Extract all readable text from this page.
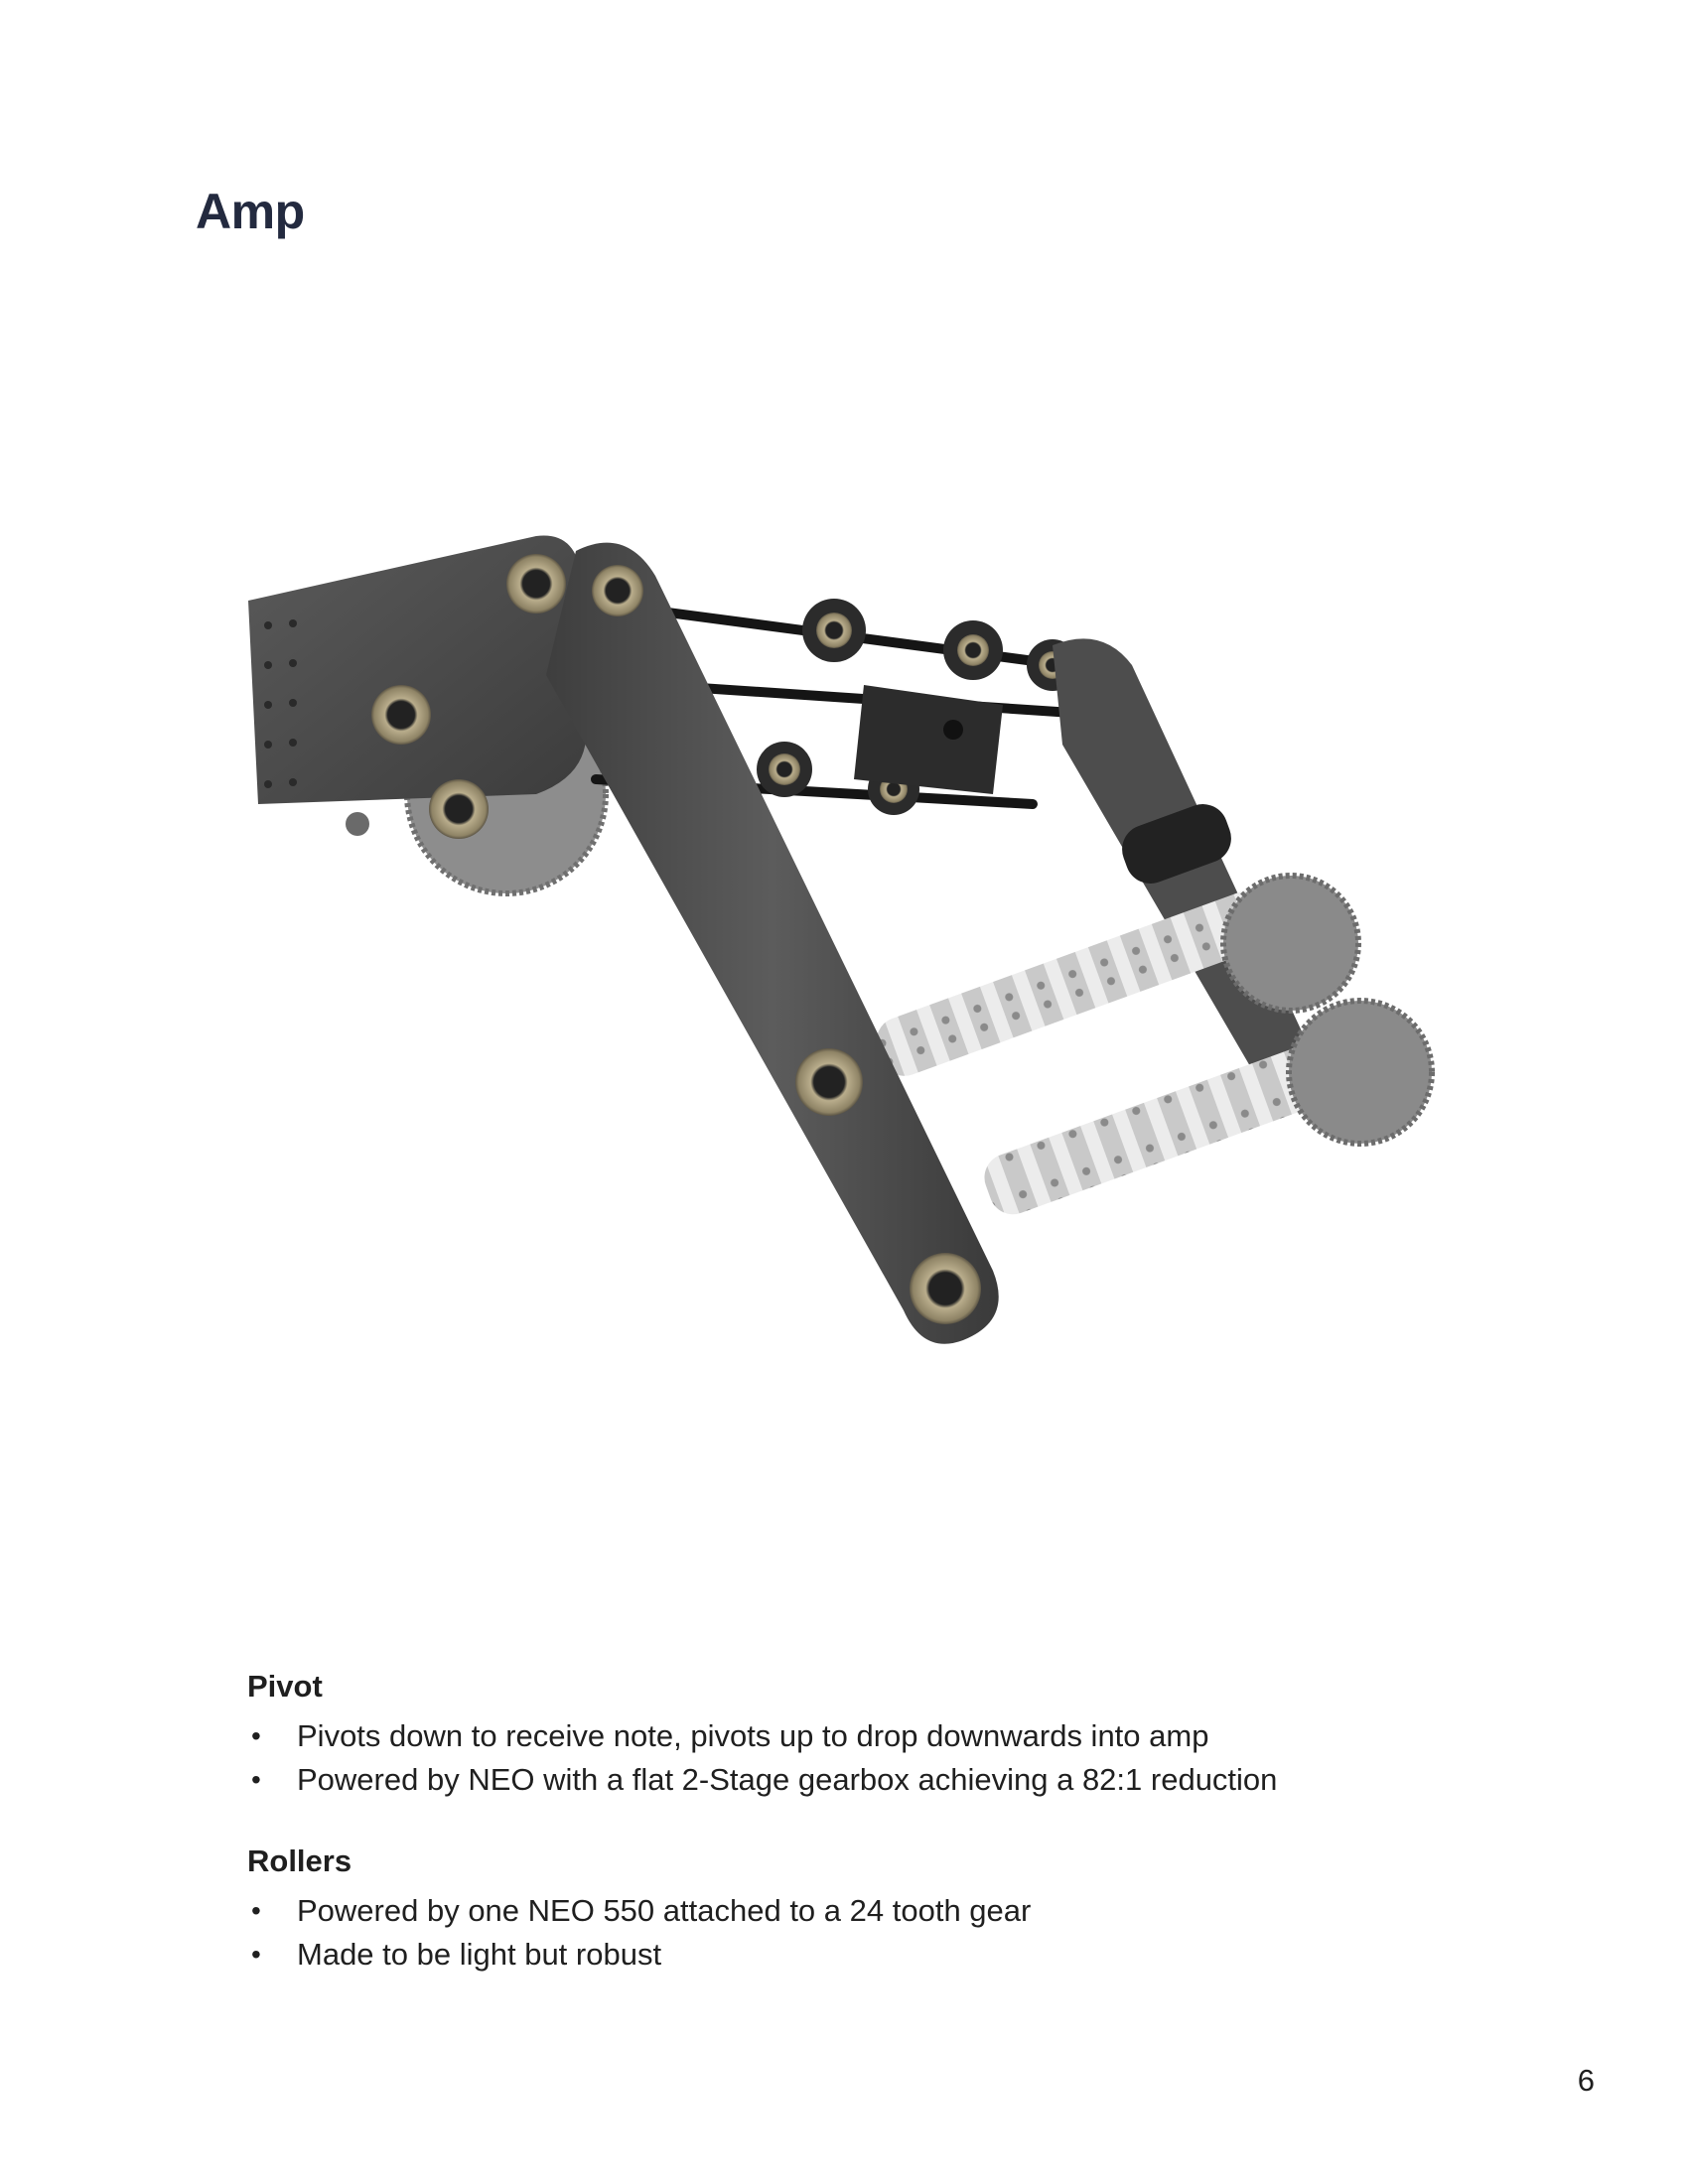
Amp
Pivot
• Pivots down to receive note, pivots up to drop downwards into amp
• Powered by NEO with a flat 2-Stage gearbox achieving a 82:1 reduction
Rollers
• Powered by one NEO 550 attached to a 24 tooth gear
• Made to be light but robust
6
